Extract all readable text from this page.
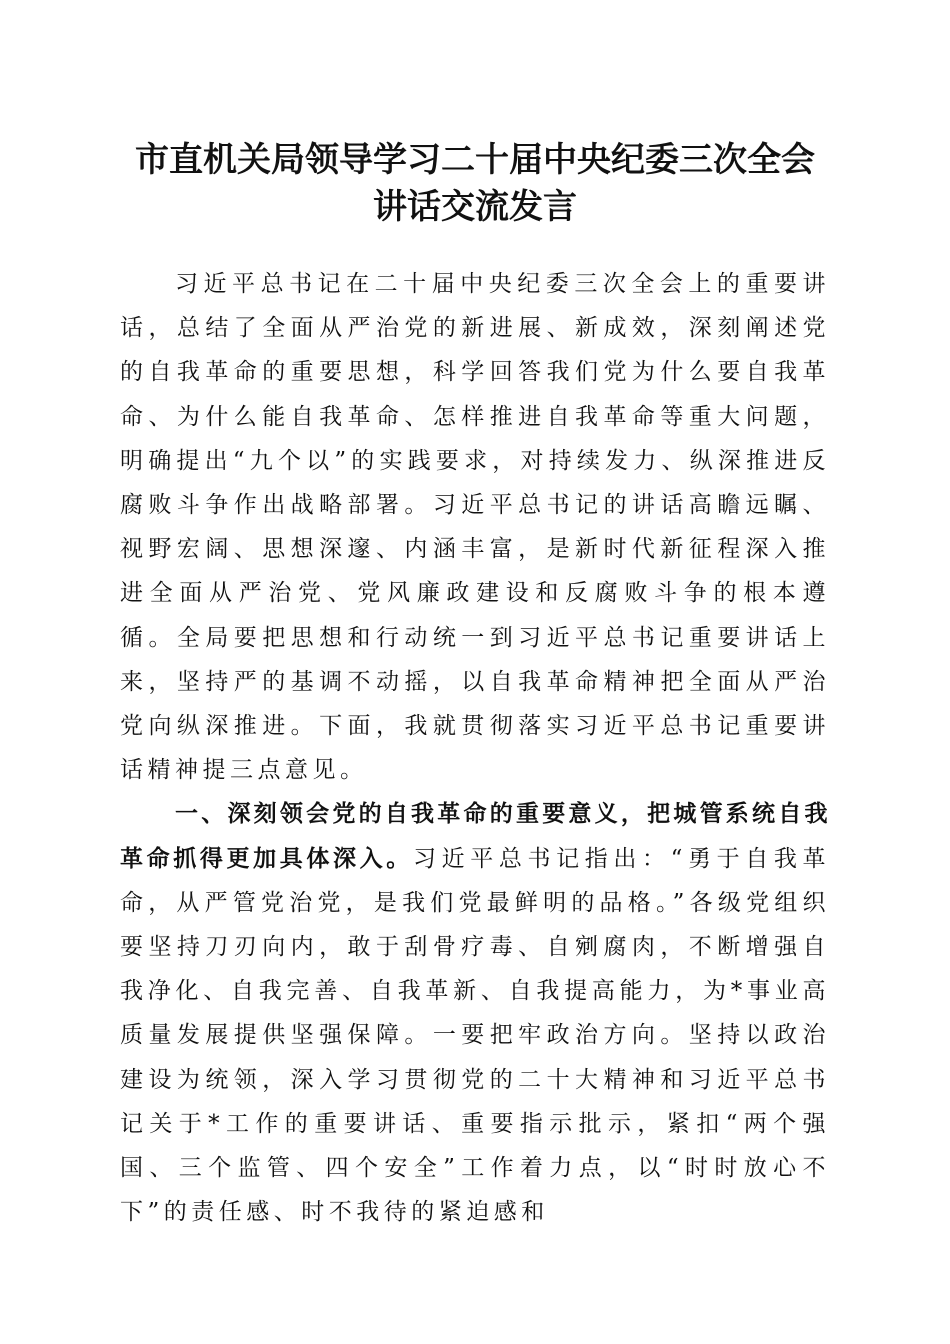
市直机关局领导学习二十届中央纪委三次全会
讲话交流发言

习近平总书记在二十届中央纪委三次全会上的重要讲话，总结了全面从严治党的新进展、新成效，深刻阐述党的自我革命的重要思想，科学回答我们党为什么要自我革命、为什么能自我革命、怎样推进自我革命等重大问题，明确提出“九个以”的实践要求，对持续发力、纵深推进反腐败斗争作出战略部署。习近平总书记的讲话高瞻远瞩、视野宏阔、思想深邃、内涵丰富，是新时代新征程深入推进全面从严治党、党风廉政建设和反腐败斗争的根本遵循。全局要把思想和行动统一到习近平总书记重要讲话上来，坚持严的基调不动摇，以自我革命精神把全面从严治党向纵深推进。下面，我就贯彻落实习近平总书记重要讲话精神提三点意见。

一、深刻领会党的自我革命的重要意义，把城管系统自我革命抓得更加具体深入。习近平总书记指出：“勇于自我革命，从严管党治党，是我们党最鲜明的品格。”各级党组织要坚持刀刃向内，敢于刮骨疗毒、自剜腐肉，不断增强自我净化、自我完善、自我革新、自我提高能力，为*事业高质量发展提供坚强保障。一要把牢政治方向。坚持以政治建设为统领，深入学习贯彻党的二十大精神和习近平总书记关于*工作的重要讲话、重要指示批示，紧扣“两个强国、三个监管、四个安全”工作着力点，以“时时放心不下”的责任感、时不我待的紧迫感和
